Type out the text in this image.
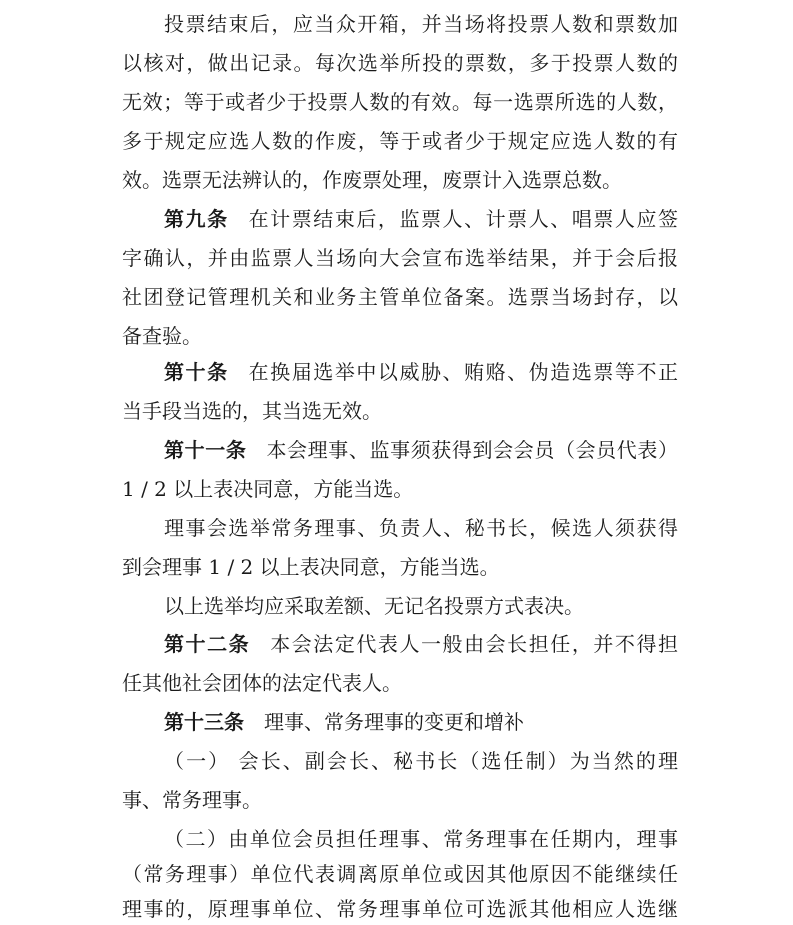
投票结束后，应当众开箱，并当场将投票人数和票数加
以核对，做出记录。每次选举所投的票数，多于投票人数的
无效；等于或者少于投票人数的有效。每一选票所选的人数，
多于规定应选人数的作废，等于或者少于规定应选人数的有
效。选票无法辨认的，作废票处理，废票计入选票总数。
第九条 在计票结束后，监票人、计票人、唱票人应签
字确认，并由监票人当场向大会宣布选举结果，并于会后报
社团登记管理机关和业务主管单位备案。选票当场封存，以
备查验。
第十条 在换届选举中以威胁、贿赂、伪造选票等不正
当手段当选的，其当选无效。
第十一条 本会理事、监事须获得到会会员（会员代表）
1 / 2 以上表决同意，方能当选。
理事会选举常务理事、负责人、秘书长，候选人须获得
到会理事 1 / 2 以上表决同意，方能当选。
以上选举均应采取差额、无记名投票方式表决。
第十二条 本会法定代表人一般由会长担任，并不得担
任其他社会团体的法定代表人。
第十三条 理事、常务理事的变更和增补
（一） 会长、副会长、秘书长（选任制）为当然的理
事、常务理事。
（二）由单位会员担任理事、常务理事在任期内，理事
（常务理事）单位代表调离原单位或因其他原因不能继续任
理事的，原理事单位、常务理事单位可选派其他相应人选继
